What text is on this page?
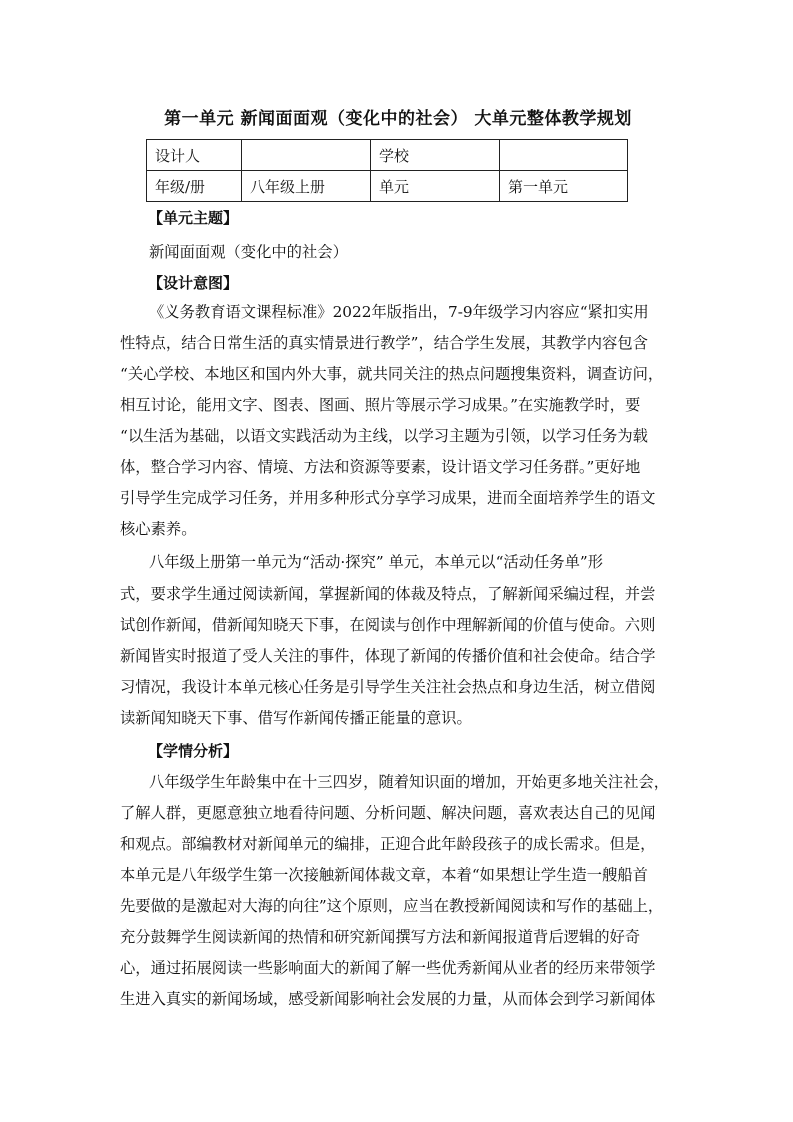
第一单元 新闻面面观（变化中的社会） 大单元整体教学规划
设计人		学校	
年级/册	八年级上册	单元	第一单元
【单元主题】
新闻面面观（变化中的社会）
【设计意图】
《义务教育语文课程标准》2022年版指出，7-9年级学习内容应“紧扣实用
性特点，结合日常生活的真实情景进行教学”，结合学生发展，其教学内容包含
“关心学校、本地区和国内外大事，就共同关注的热点问题搜集资料，调查访问，
相互讨论，能用文字、图表、图画、照片等展示学习成果。”在实施教学时，要
“以生活为基础，以语文实践活动为主线，以学习主题为引领，以学习任务为载
体，整合学习内容、情境、方法和资源等要素，设计语文学习任务群。”更好地
引导学生完成学习任务，并用多种形式分享学习成果，进而全面培养学生的语文
核心素养。
八年级上册第一单元为“活动·探究” 单元，本单元以“活动任务单”形
式，要求学生通过阅读新闻，掌握新闻的体裁及特点，了解新闻采编过程，并尝
试创作新闻，借新闻知晓天下事，在阅读与创作中理解新闻的价值与使命。六则
新闻皆实时报道了受人关注的事件，体现了新闻的传播价值和社会使命。结合学
习情况，我设计本单元核心任务是引导学生关注社会热点和身边生活，树立借阅
读新闻知晓天下事、借写作新闻传播正能量的意识。
【学情分析】
八年级学生年龄集中在十三四岁，随着知识面的增加，开始更多地关注社会，
了解人群，更愿意独立地看待问题、分析问题、解决问题，喜欢表达自己的见闻
和观点。部编教材对新闻单元的编排，正迎合此年龄段孩子的成长需求。但是，
本单元是八年级学生第一次接触新闻体裁文章，本着“如果想让学生造一艘船首
先要做的是激起对大海的向往”这个原则，应当在教授新闻阅读和写作的基础上，
充分鼓舞学生阅读新闻的热情和研究新闻撰写方法和新闻报道背后逻辑的好奇
心，通过拓展阅读一些影响面大的新闻了解一些优秀新闻从业者的经历来带领学
生进入真实的新闻场域，感受新闻影响社会发展的力量，从而体会到学习新闻体
